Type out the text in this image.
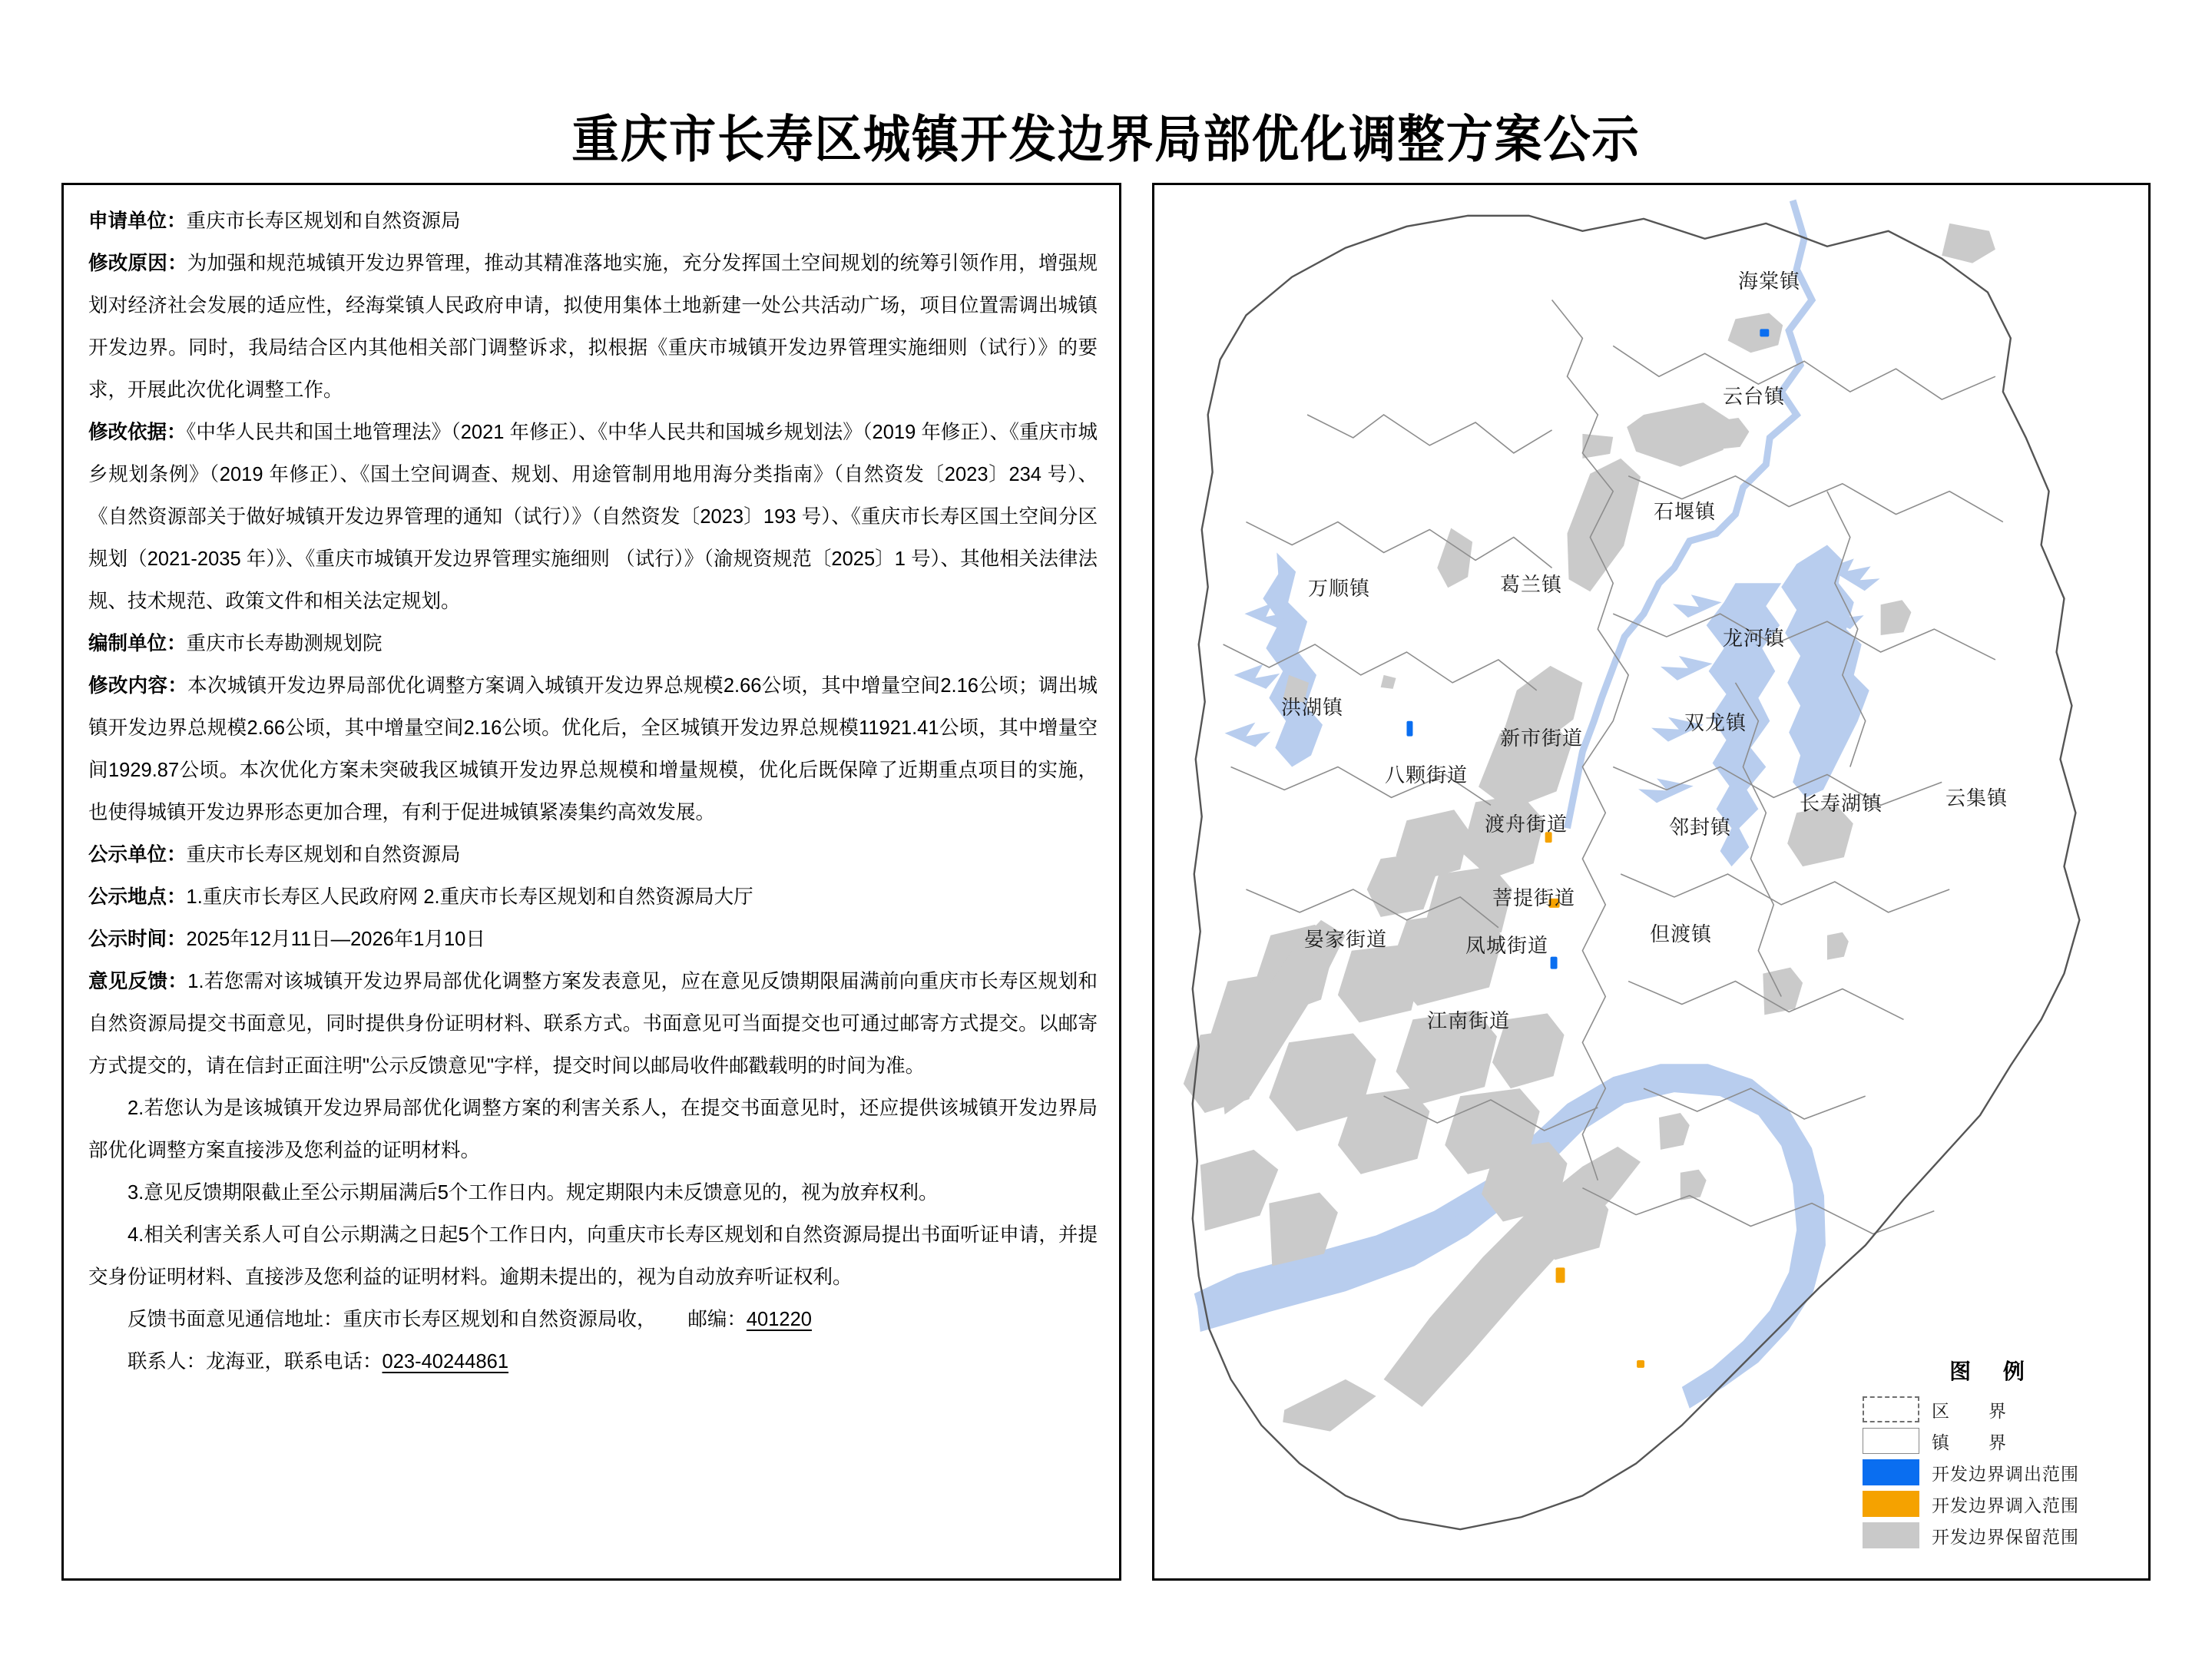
重庆市长寿区城镇开发边界局部优化调整方案公示

申请单位：重庆市长寿区规划和自然资源局

修改原因：为加强和规范城镇开发边界管理，推动其精准落地实施，充分发挥国土空间规划的统筹引领作用，增强规划对经济社会发展的适应性，经海棠镇人民政府申请，拟使用集体土地新建一处公共活动广场，项目位置需调出城镇开发边界。同时，我局结合区内其他相关部门调整诉求，拟根据《重庆市城镇开发边界管理实施细则（试行）》的要求，开展此次优化调整工作。

修改依据：《中华人民共和国土地管理法》（2021 年修正）、《中华人民共和国城乡规划法》（2019 年修正）、《重庆市城乡规划条例》（2019 年修正）、《国土空间调查、规划、用途管制用地用海分类指南》（自然资发〔2023〕234 号）、《自然资源部关于做好城镇开发边界管理的通知（试行）》（自然资发〔2023〕193 号）、《重庆市长寿区国土空间分区规划（2021-2035 年）》、《重庆市城镇开发边界管理实施细则 （试行）》（渝规资规范〔2025〕1 号）、其他相关法律法规、技术规范、政策文件和相关法定规划。

编制单位：重庆市长寿勘测规划院

修改内容：本次城镇开发边界局部优化调整方案调入城镇开发边界总规模2.66公顷，其中增量空间2.16公顷；调出城镇开发边界总规模2.66公顷，其中增量空间2.16公顷。优化后，全区城镇开发边界总规模11921.41公顷，其中增量空间1929.87公顷。本次优化方案未突破我区城镇开发边界总规模和增量规模，优化后既保障了近期重点项目的实施，也使得城镇开发边界形态更加合理，有利于促进城镇紧凑集约高效发展。

公示单位：重庆市长寿区规划和自然资源局

公示地点：1.重庆市长寿区人民政府网 2.重庆市长寿区规划和自然资源局大厅

公示时间：2025年12月11日—2026年1月10日

意见反馈：1.若您需对该城镇开发边界局部优化调整方案发表意见，应在意见反馈期限届满前向重庆市长寿区规划和自然资源局提交书面意见，同时提供身份证明材料、联系方式。书面意见可当面提交也可通过邮寄方式提交。以邮寄方式提交的，请在信封正面注明"公示反馈意见"字样，提交时间以邮局收件邮戳载明的时间为准。

2.若您认为是该城镇开发边界局部优化调整方案的利害关系人，在提交书面意见时，还应提供该城镇开发边界局部优化调整方案直接涉及您利益的证明材料。

3.意见反馈期限截止至公示期届满后5个工作日内。规定期限内未反馈意见的，视为放弃权利。

4.相关利害关系人可自公示期满之日起5个工作日内，向重庆市长寿区规划和自然资源局提出书面听证申请，并提交身份证明材料、直接涉及您利益的证明材料。逾期未提出的，视为自动放弃听证权利。

反馈书面意见通信地址：重庆市长寿区规划和自然资源局收， 邮编：401220

联系人：龙海亚，联系电话：023-40244861

海棠镇
云台镇
石堰镇
万顺镇	葛兰镇
龙河镇
洪湖镇
双龙镇
新市街道
八颗街道
长寿湖镇	云集镇
渡舟街道	邻封镇
菩提街道
但渡镇
晏家街道	凤城街道
江南街道
图 例
区　界
镇　界
开发边界调出范围
开发边界调入范围
开发边界保留范围
